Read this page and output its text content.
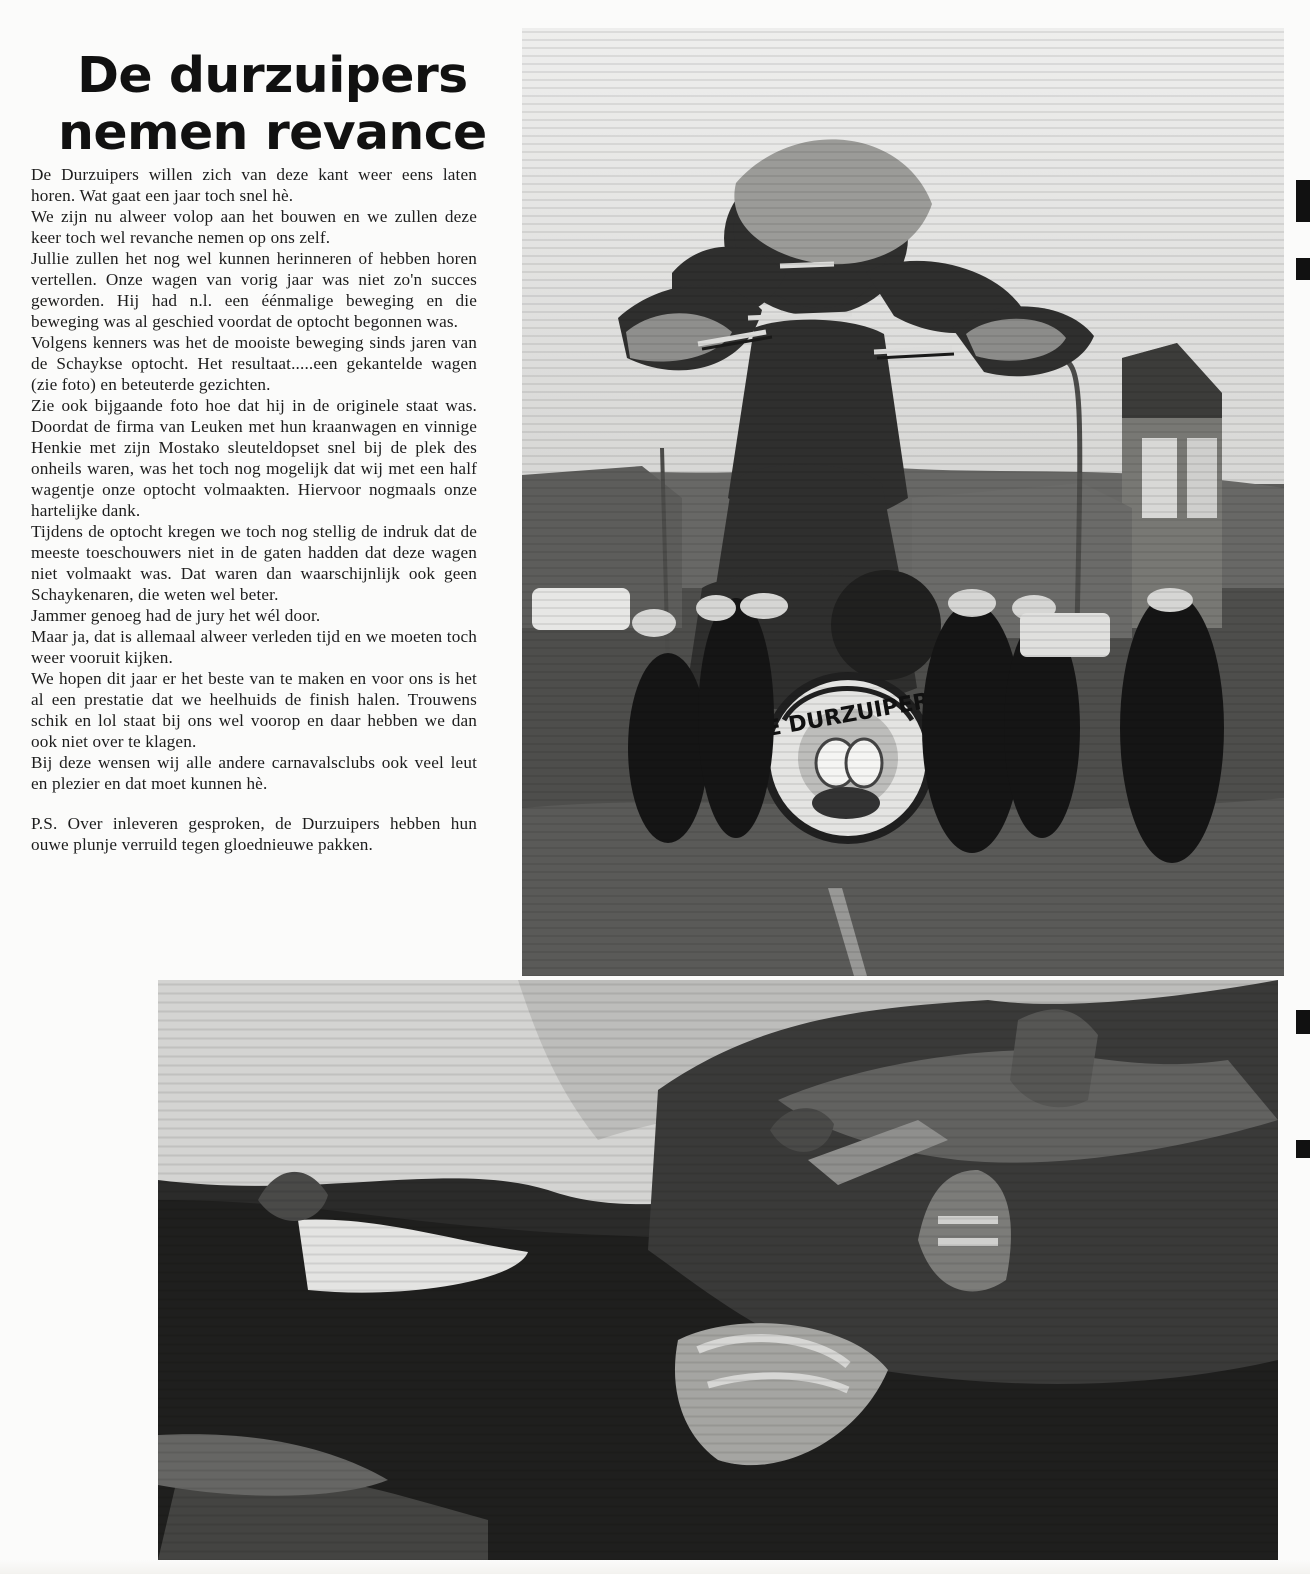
De durzuipers
nemen revance

De Durzuipers willen zich van deze kant weer eens laten horen. Wat gaat een jaar toch snel hè.

We zijn nu alweer volop aan het bouwen en we zullen deze keer toch wel revanche nemen op ons zelf.

Jullie zullen het nog wel kunnen herinneren of hebben horen vertellen. Onze wagen van vorig jaar was niet zo'n succes geworden. Hij had n.l. een éénmalige beweging en die beweging was al geschied voordat de optocht begonnen was.

Volgens kenners was het de mooiste beweging sinds jaren van de Schaykse optocht. Het resultaat.....een gekantelde wagen (zie foto) en beteuterde gezichten.

Zie ook bijgaande foto hoe dat hij in de originele staat was. Doordat de firma van Leuken met hun kraanwagen en vinnige Henkie met zijn Mostako sleuteldopset snel bij de plek des onheils waren, was het toch nog mogelijk dat wij met een half wagentje onze optocht volmaakten. Hiervoor nogmaals onze hartelijke dank.

Tijdens de optocht kregen we toch nog stellig de indruk dat de meeste toeschouwers niet in de gaten hadden dat deze wagen niet volmaakt was. Dat waren dan waarschijnlijk ook geen Schaykenaren, die weten wel beter.

Jammer genoeg had de jury het wél door.

Maar ja, dat is allemaal alweer verleden tijd en we moeten toch weer vooruit kijken.

We hopen dit jaar er het beste van te maken en voor ons is het al een prestatie dat we heelhuids de finish halen. Trouwens schik en lol staat bij ons wel voorop en daar hebben we dan ook niet over te klagen.

Bij deze wensen wij alle andere carnavalsclubs ook veel leut en plezier en dat moet kunnen hè.

P.S. Over inleveren gesproken, de Durzuipers hebben hun ouwe plunje verruild tegen gloednieuwe pakken.
